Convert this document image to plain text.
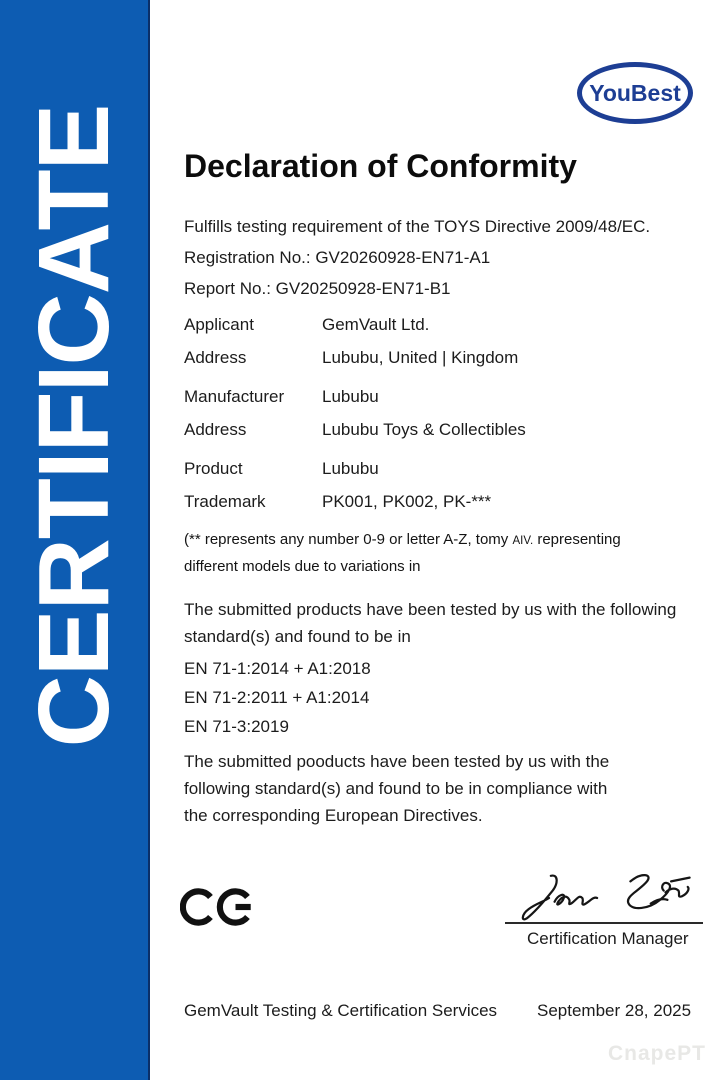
CERTIFICATE
YouBest
Declaration of Conformity
Fulfills testing requirement of the TOYS Directive 2009/48/EC.
Registration No.: GV20260928-EN71-A1
Report No.: GV20250928-EN71-B1
Applicant	GemVault Ltd.
Address	Lububu, United | Kingdom
Manufacturer	Lububu
Address	Lububu Toys & Collectibles
Product	Lububu
Trademark	PK001, PK002, PK-***
(** represents any number 0-9 or letter A-Z, tomy AIV. representing
different models due to variations in
The submitted products have been tested by us with the following
standard(s) and found to be in
EN 71-1:2014 + A1:2018
EN 71-2:2011 + A1:2014
EN 71-3:2019
The submitted pooducts have been tested by us with the
following standard(s) and found to be in compliance with
the corresponding European Directives.
Certification Manager
GemVault Testing & Certification Services September 28, 2025
CnapePT
